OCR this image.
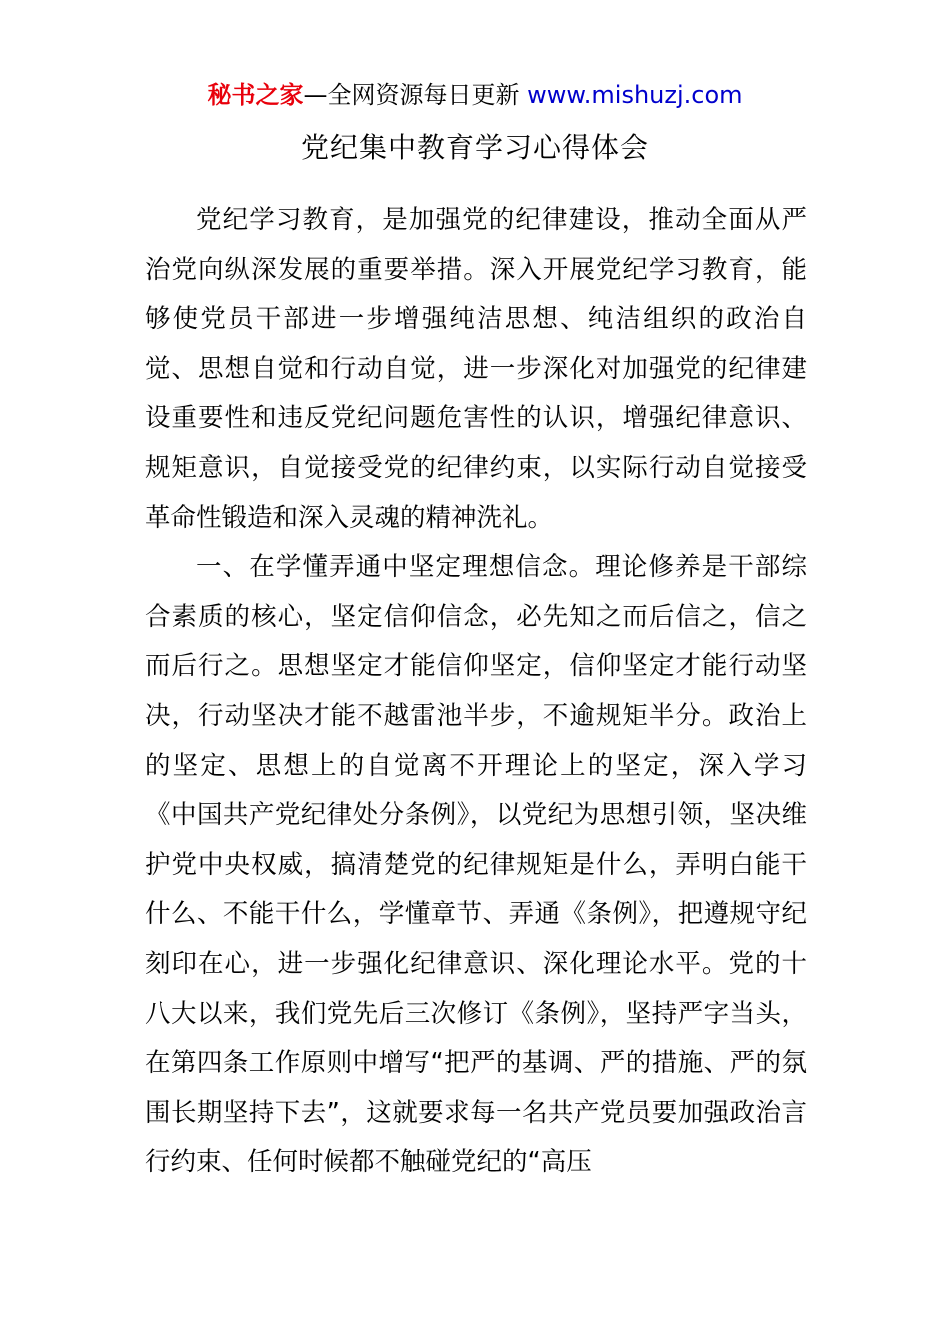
秘书之家—全网资源每日更新 www.mishuzj.com
党纪集中教育学习心得体会

党纪学习教育，是加强党的纪律建设，推动全面从严治党向纵深发展的重要举措。深入开展党纪学习教育，能够使党员干部进一步增强纯洁思想、纯洁组织的政治自觉、思想自觉和行动自觉，进一步深化对加强党的纪律建设重要性和违反党纪问题危害性的认识，增强纪律意识、规矩意识，自觉接受党的纪律约束，以实际行动自觉接受革命性锻造和深入灵魂的精神洗礼。

一、在学懂弄通中坚定理想信念。理论修养是干部综合素质的核心，坚定信仰信念，必先知之而后信之，信之而后行之。思想坚定才能信仰坚定，信仰坚定才能行动坚决，行动坚决才能不越雷池半步，不逾规矩半分。政治上的坚定、思想上的自觉离不开理论上的坚定，深入学习《中国共产党纪律处分条例》，以党纪为思想引领，坚决维护党中央权威，搞清楚党的纪律规矩是什么，弄明白能干什么、不能干什么，学懂章节、弄通《条例》，把遵规守纪刻印在心，进一步强化纪律意识、深化理论水平。党的十八大以来，我们党先后三次修订《条例》，坚持严字当头，在第四条工作原则中增写“把严的基调、严的措施、严的氛围长期坚持下去”，这就要求每一名共产党员要加强政治言行约束、任何时候都不触碰党纪的“高压
